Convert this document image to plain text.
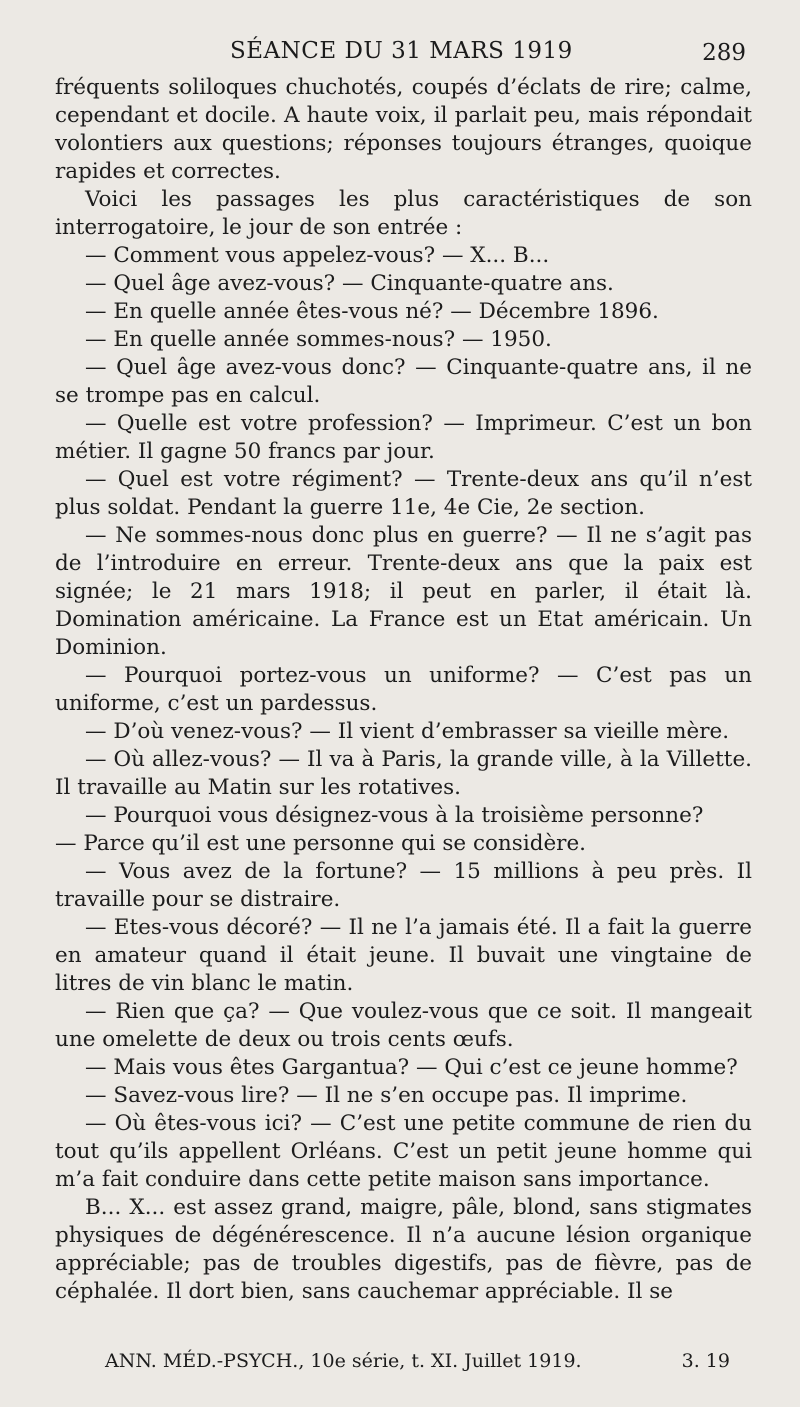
SÉANCE DU 31 MARS 1919	289

fréquents soliloques chuchotés, coupés d’éclats de rire; calme, cependant et docile. A haute voix, il parlait peu, mais répondait volontiers aux questions; réponses toujours étranges, quoique rapides et correctes.

Voici les passages les plus caractéristiques de son interrogatoire, le jour de son entrée :

— Comment vous appelez-vous? — X... B...

— Quel âge avez-vous? — Cinquante-quatre ans.

— En quelle année êtes-vous né? — Décembre 1896.

— En quelle année sommes-nous? — 1950.

— Quel âge avez-vous donc? — Cinquante-quatre ans, il ne se trompe pas en calcul.

— Quelle est votre profession? — Imprimeur. C’est un bon métier. Il gagne 50 francs par jour.

— Quel est votre régiment? — Trente-deux ans qu’il n’est plus soldat. Pendant la guerre 11e, 4e Cie, 2e section.

— Ne sommes-nous donc plus en guerre? — Il ne s’agit pas de l’introduire en erreur. Trente-deux ans que la paix est signée; le 21 mars 1918; il peut en parler, il était là. Domination américaine. La France est un Etat américain. Un Dominion.

— Pourquoi portez-vous un uniforme? — C’est pas un uniforme, c’est un pardessus.

— D’où venez-vous? — Il vient d’embrasser sa vieille mère.

— Où allez-vous? — Il va à Paris, la grande ville, à la Villette. Il travaille au Matin sur les rotatives.

— Pourquoi vous désignez-vous à la troisième personne?

— Parce qu’il est une personne qui se considère.

— Vous avez de la fortune? — 15 millions à peu près. Il travaille pour se distraire.

— Etes-vous décoré? — Il ne l’a jamais été. Il a fait la guerre en amateur quand il était jeune. Il buvait une vingtaine de litres de vin blanc le matin.

— Rien que ça? — Que voulez-vous que ce soit. Il mangeait une omelette de deux ou trois cents œufs.

— Mais vous êtes Gargantua? — Qui c’est ce jeune homme?

— Savez-vous lire? — Il ne s’en occupe pas. Il imprime.

— Où êtes-vous ici? — C’est une petite commune de rien du tout qu’ils appellent Orléans. C’est un petit jeune homme qui m’a fait conduire dans cette petite maison sans importance.

B... X... est assez grand, maigre, pâle, blond, sans stigmates physiques de dégénérescence. Il n’a aucune lésion organique appréciable; pas de troubles digestifs, pas de fièvre, pas de céphalée. Il dort bien, sans cauchemar appréciable. Il se

ANN. MÉD.-PSYCH., 10e série, t. XI. Juillet 1919.	3. 19
